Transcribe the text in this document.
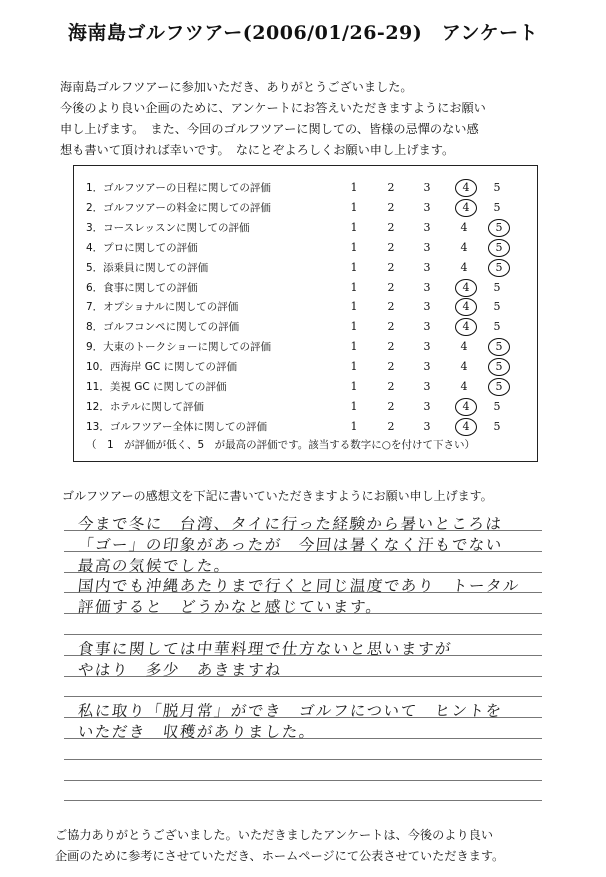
海南島ゴルフツアー(2006/01/26-29)　アンケート
海南島ゴルフツアーに参加いただき、ありがとうございました。
今後のより良い企画のために、アンケートにお答えいただきますようにお願い
申し上げます。　また、今回のゴルフツアーに関しての、皆様の忌憚のない感
想も書いて頂ければ幸いです。　なにとぞよろしくお願い申し上げます。
（　1　が評価が低く、5　が最高の評価です。該当する数字に○を付けて下さい）
1．ゴルフツアーの日程に関しての評価	1	2	3	4	5
2．ゴルフツアーの料金に関しての評価	1	2	3	4	5
3．コースレッスンに関しての評価	1	2	3	4	5
4．プロに関しての評価	1	2	3	4	5
5．添乗員に関しての評価	1	2	3	4	5
6．食事に関しての評価	1	2	3	4	5
7．オプショナルに関しての評価	1	2	3	4	5
8．ゴルフコンペに関しての評価	1	2	3	4	5
9．大東のトークショーに関しての評価	1	2	3	4	5
10．西海岸 GC に関しての評価	1	2	3	4	5
11．美視 GC に関しての評価	1	2	3	4	5
12．ホテルに関して評価	1	2	3	4	5
13．ゴルフツアー全体に関しての評価	1	2	3	4	5
ゴルフツアーの感想文を下記に書いていただきますようにお願い申し上げます。
今まで冬に　台湾、タイに行った経験から暑いところは
「ゴー」の印象があったが　今回は暑くなく汗もでない
最高の気候でした。
国内でも沖縄あたりまで行くと同じ温度であり　トータル
評価すると　どうかなと感じています。
食事に関しては中華料理で仕方ないと思いますが
やはり　多少　あきますね
私に取り「脱月常」ができ　ゴルフについて　ヒントを
いただき　収穫がありました。
ご協力ありがとうございました。いただきましたアンケートは、今後のより良い
企画のために参考にさせていただき、ホームページにて公表させていただきます。
